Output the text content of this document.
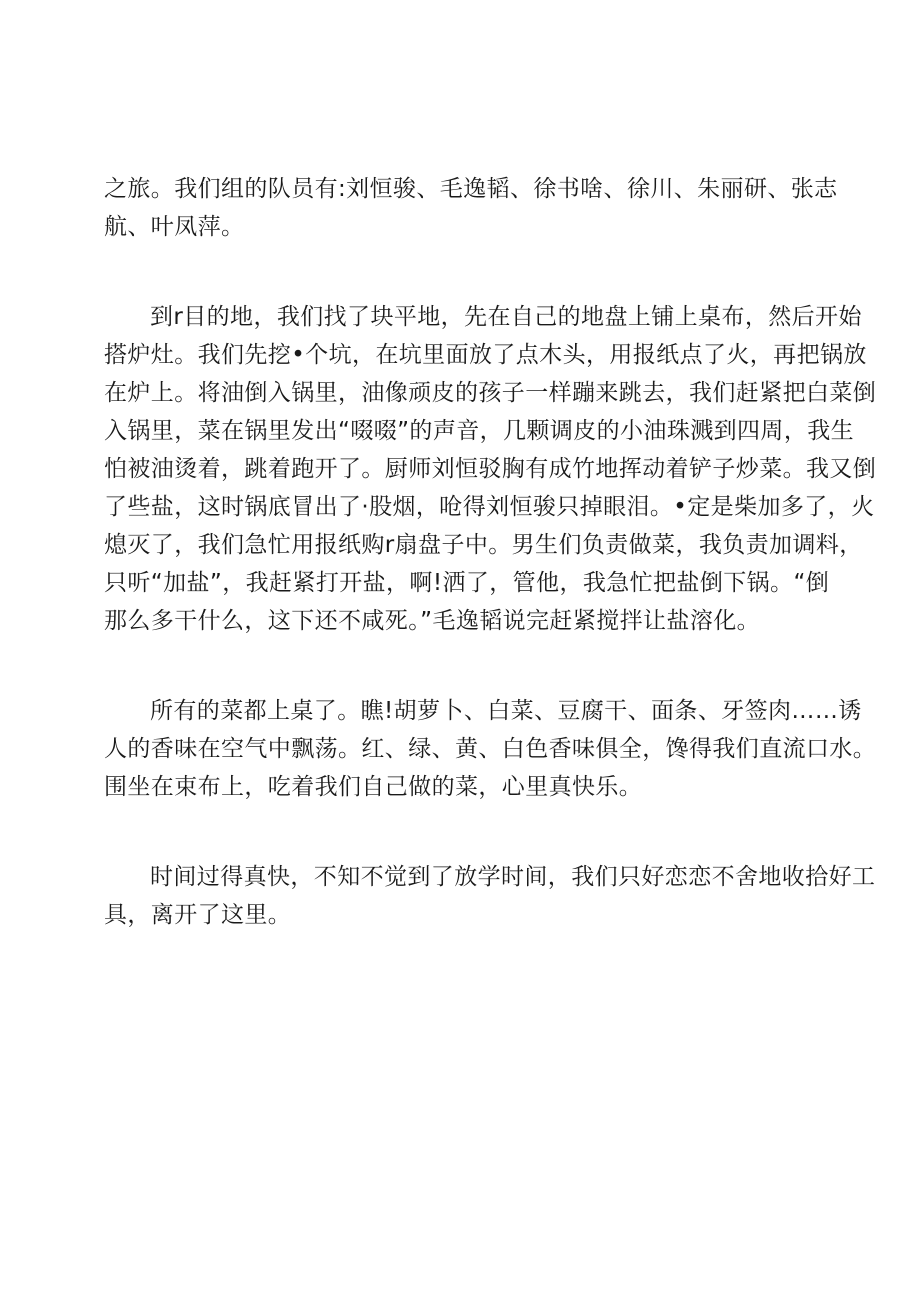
之旅。我们组的队员有:刘恒骏、毛逸韬、徐书啥、徐川、朱丽研、张志
航、叶凤萍。
到r目的地，我们找了块平地，先在自己的地盘上铺上桌布，然后开始
搭炉灶。我们先挖•个坑，在坑里面放了点木头，用报纸点了火，再把锅放
在炉上。将油倒入锅里，油像顽皮的孩子一样蹦来跳去，我们赶紧把白菜倒
入锅里，菜在锅里发出“啜啜”的声音，几颗调皮的小油珠溅到四周，我生
怕被油烫着，跳着跑开了。厨师刘恒驳胸有成竹地挥动着铲子炒菜。我又倒
了些盐，这时锅底冒出了·股烟，呛得刘恒骏只掉眼泪。•定是柴加多了，火
熄灭了，我们急忙用报纸购r扇盘子中。男生们负责做菜，我负责加调料，
只听“加盐”，我赶紧打开盐，啊!洒了，管他，我急忙把盐倒下锅。“倒
那么多干什么，这下还不咸死。”毛逸韬说完赶紧搅拌让盐溶化。
所有的菜都上桌了。瞧!胡萝卜、白菜、豆腐干、面条、牙签肉……诱
人的香味在空气中飘荡。红、绿、黄、白色香味俱全，馋得我们直流口水。
围坐在束布上，吃着我们自己做的菜，心里真快乐。
时间过得真快，不知不觉到了放学时间，我们只好恋恋不舍地收拾好工
具，离开了这里。
